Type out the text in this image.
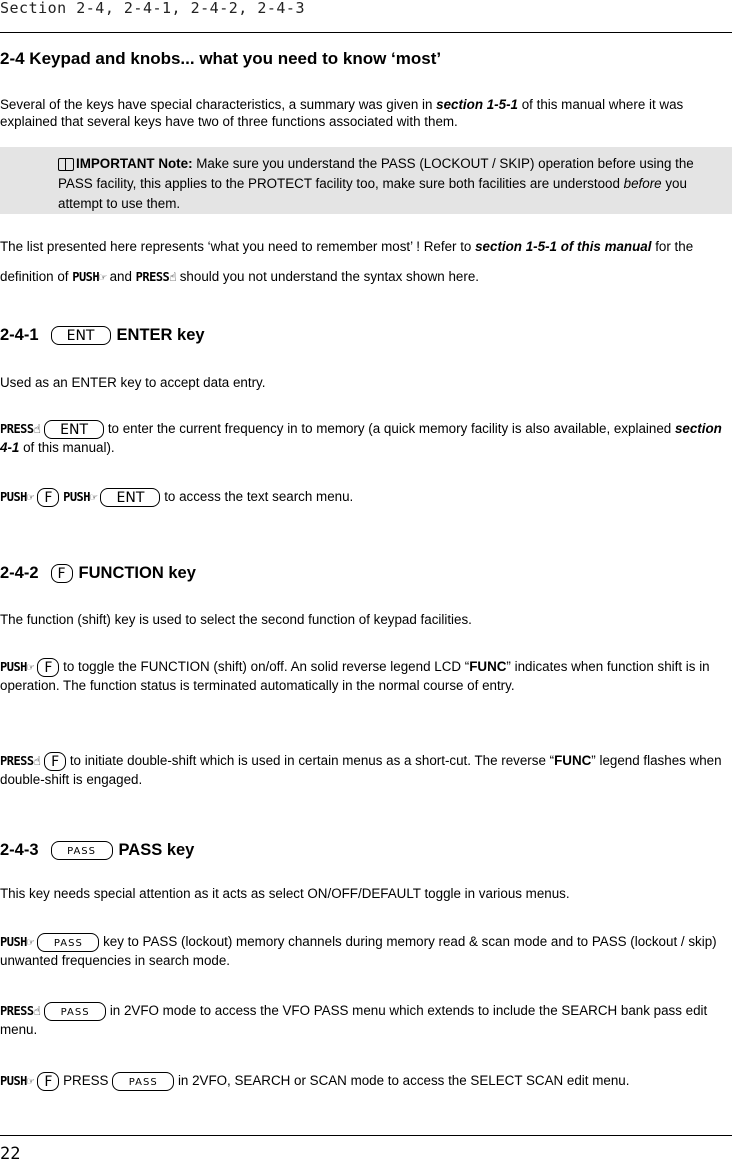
Section 2-4, 2-4-1, 2-4-2, 2-4-3
2-4 Keypad and knobs... what you need to know ‘most’
Several of the keys have special characteristics, a summary was given in section 1-5-1 of this manual where it was explained that several keys have two of three functions associated with them.
IMPORTANT Note: Make sure you understand the PASS (LOCKOUT / SKIP) operation before using the PASS facility, this applies to the PROTECT facility too, make sure both facilities are understood before you attempt to use them.
The list presented here represents ‘what you need to remember most’ ! Refer to section 1-5-1 of this manual for the definition of PUSH☞ and PRESS☝ should you not understand the syntax shown here.
2-4-1	ENT	ENTER key
Used as an ENTER key to accept data entry.
PRESS☝ ENT to enter the current frequency in to memory (a quick memory facility is also available, explained section 4-1 of this manual).
PUSH☞ F PUSH☞ ENT to access the text search menu.
2-4-2	F FUNCTION key
The function (shift) key is used to select the second function of keypad facilities.
PUSH☞ F to toggle the FUNCTION (shift) on/off. An solid reverse legend LCD “FUNC” indicates when function shift is in operation. The function status is terminated automatically in the normal course of entry.
PRESS☝ F to initiate double-shift which is used in certain menus as a short-cut. The reverse “FUNC” legend flashes when double-shift is engaged.
2-4-3	PASS	PASS key
This key needs special attention as it acts as select ON/OFF/DEFAULT toggle in various menus.
PUSH☞ PASS key to PASS (lockout) memory channels during memory read & scan mode and to PASS (lockout / skip) unwanted frequencies in search mode.
PRESS☝ PASS in 2VFO mode to access the VFO PASS menu which extends to include the SEARCH bank pass edit menu.
PUSH☞ F PRESS PASS in 2VFO, SEARCH or SCAN mode to access the SELECT SCAN edit menu.
22
